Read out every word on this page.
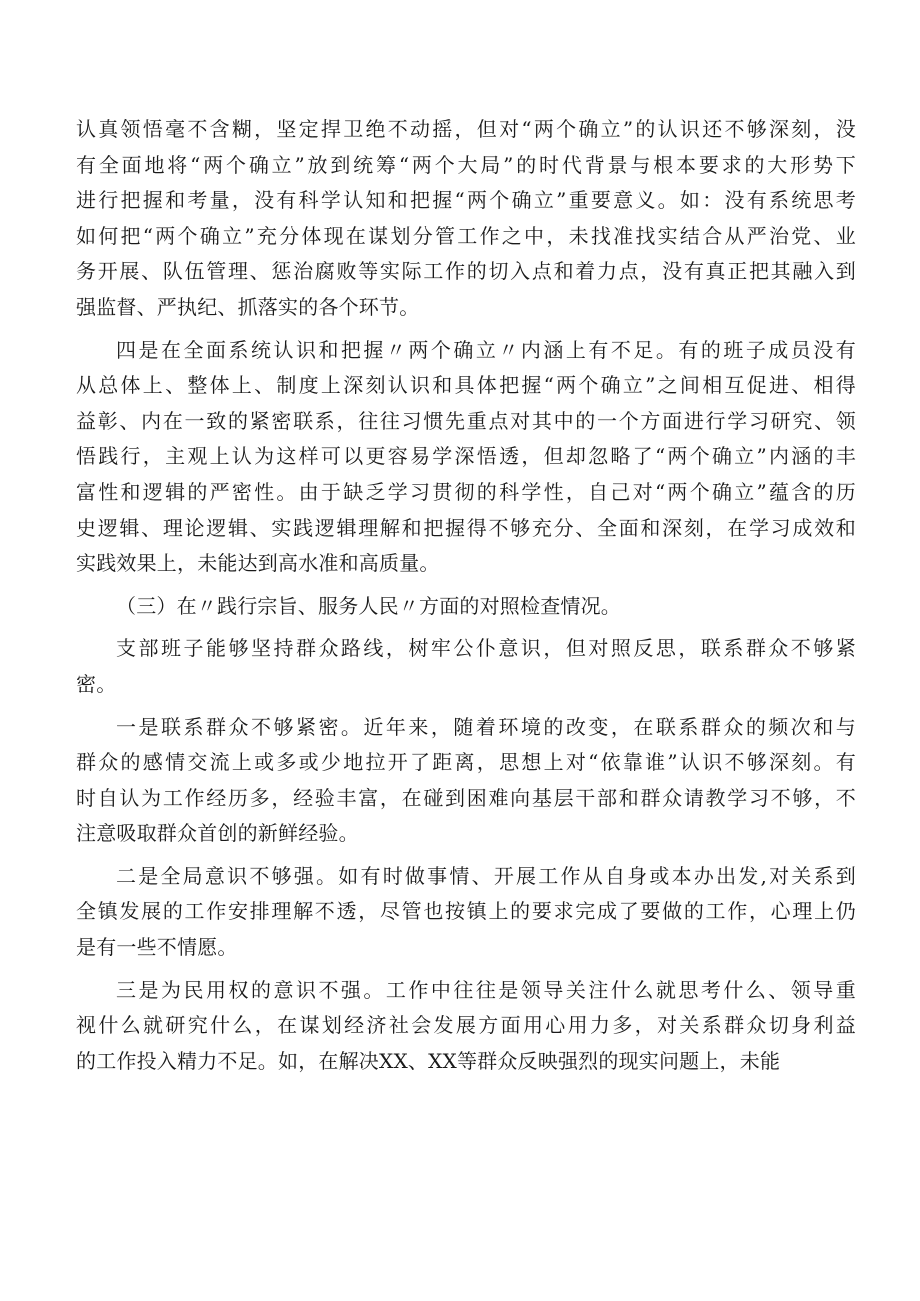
认真领悟毫不含糊，坚定捍卫绝不动摇，但对“两个确立”的认识还不够深刻，没
有全面地将“两个确立”放到统筹“两个大局”的时代背景与根本要求的大形势下
进行把握和考量，没有科学认知和把握“两个确立”重要意义。如：没有系统思考
如何把“两个确立”充分体现在谋划分管工作之中，未找准找实结合从严治党、业
务开展、队伍管理、惩治腐败等实际工作的切入点和着力点，没有真正把其融入到
强监督、严执纪、抓落实的各个环节。
四是在全面系统认识和把握〃两个确立〃内涵上有不足。有的班子成员没有
从总体上、整体上、制度上深刻认识和具体把握“两个确立”之间相互促进、相得
益彰、内在一致的紧密联系，往往习惯先重点对其中的一个方面进行学习研究、领
悟践行，主观上认为这样可以更容易学深悟透，但却忽略了“两个确立”内涵的丰
富性和逻辑的严密性。由于缺乏学习贯彻的科学性，自己对“两个确立”蕴含的历
史逻辑、理论逻辑、实践逻辑理解和把握得不够充分、全面和深刻，在学习成效和
实践效果上，未能达到高水准和高质量。
（三）在〃践行宗旨、服务人民〃方面的对照检查情况。
支部班子能够坚持群众路线，树牢公仆意识，但对照反思，联系群众不够紧
密。
一是联系群众不够紧密。近年来，随着环境的改变，在联系群众的频次和与
群众的感情交流上或多或少地拉开了距离，思想上对“依靠谁”认识不够深刻。有
时自认为工作经历多，经验丰富，在碰到困难向基层干部和群众请教学习不够，不
注意吸取群众首创的新鲜经验。
二是全局意识不够强。如有时做事情、开展工作从自身或本办出发,对关系到
全镇发展的工作安排理解不透，尽管也按镇上的要求完成了要做的工作，心理上仍
是有一些不情愿。
三是为民用权的意识不强。工作中往往是领导关注什么就思考什么、领导重
视什么就研究什么，在谋划经济社会发展方面用心用力多，对关系群众切身利益
的工作投入精力不足。如，在解决XX、XX等群众反映强烈的现实问题上，未能
